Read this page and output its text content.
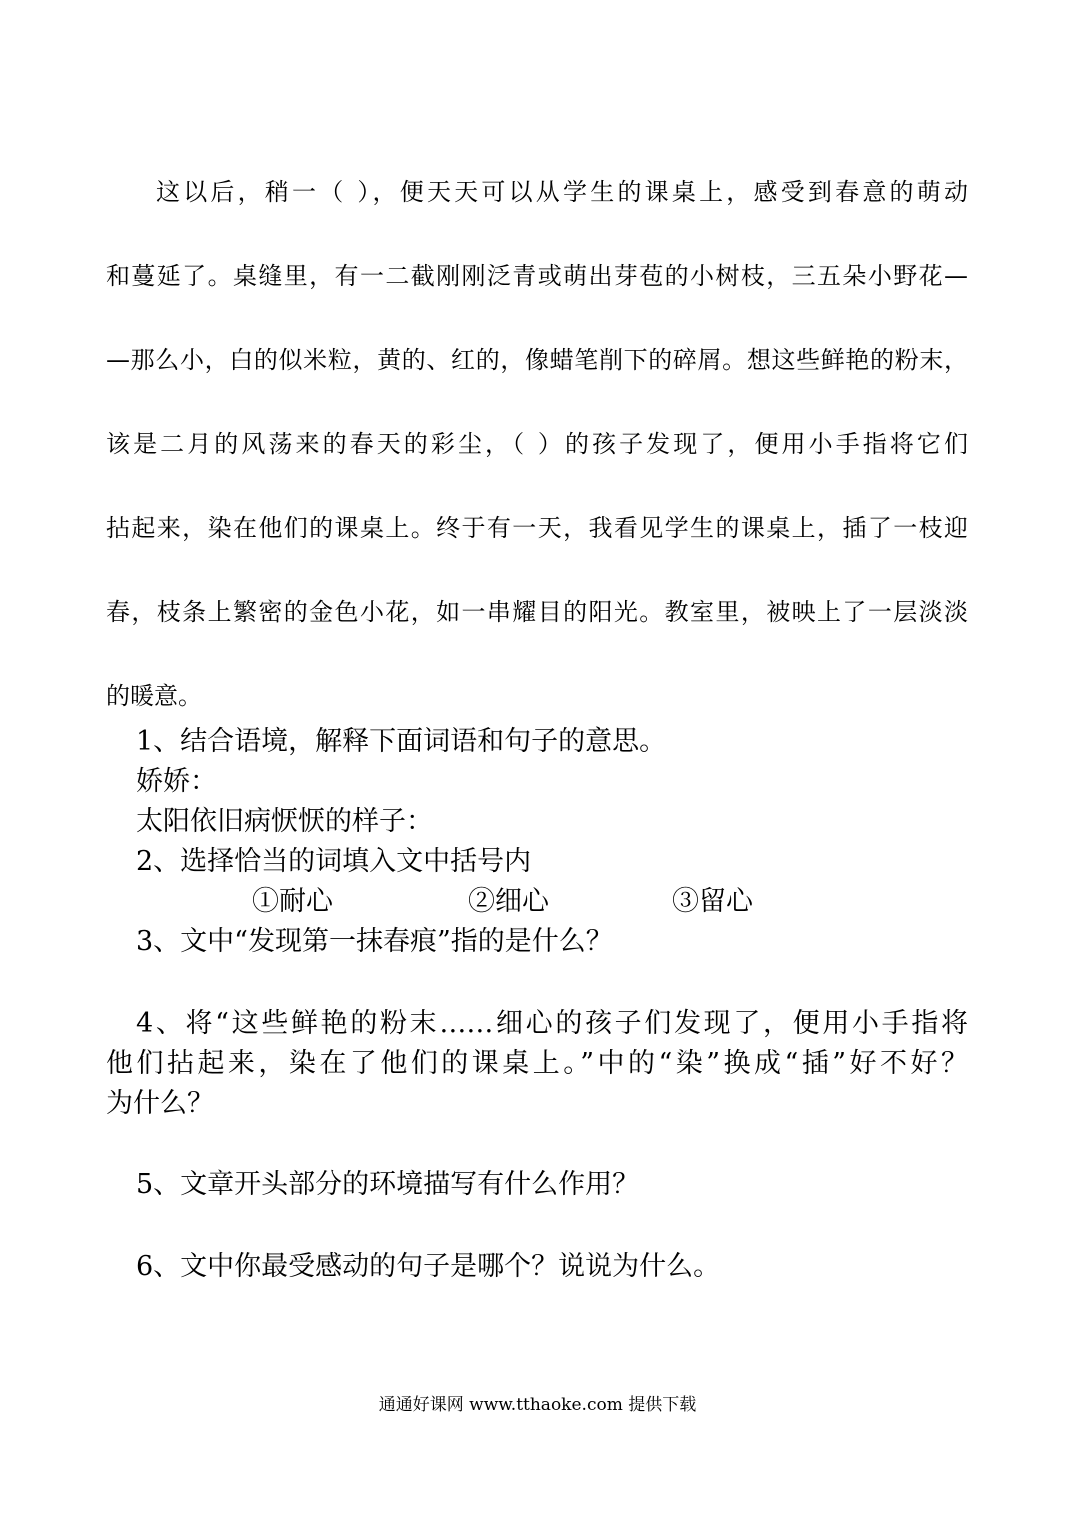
这以后，稍一（ ），便天天可以从学生的课桌上，感受到春意的萌动
和蔓延了。桌缝里，有一二截刚刚泛青或萌出芽苞的小树枝，三五朵小野花—
—那么小，白的似米粒，黄的、红的，像蜡笔削下的碎屑。想这些鲜艳的粉末，
该是二月的风荡来的春天的彩尘，（ ）的孩子发现了，便用小手指将它们
拈起来，染在他们的课桌上。终于有一天，我看见学生的课桌上，插了一枝迎
春，枝条上繁密的金色小花，如一串耀目的阳光。教室里，被映上了一层淡淡
的暖意。
1、结合语境，解释下面词语和句子的意思。
娇娇：
太阳依旧病恹恹的样子：
2、选择恰当的词填入文中括号内
①耐心	②细心	③留心
3、文中“发现第一抹春痕”指的是什么？
4、将“这些鲜艳的粉末……细心的孩子们发现了，便用小手指将
他们拈起来，染在了他们的课桌上。”中的“染”换成“插”好不好？
为什么？
5、文章开头部分的环境描写有什么作用？
6、文中你最受感动的句子是哪个？说说为什么。
通通好课网 www.tthaoke.com 提供下载
